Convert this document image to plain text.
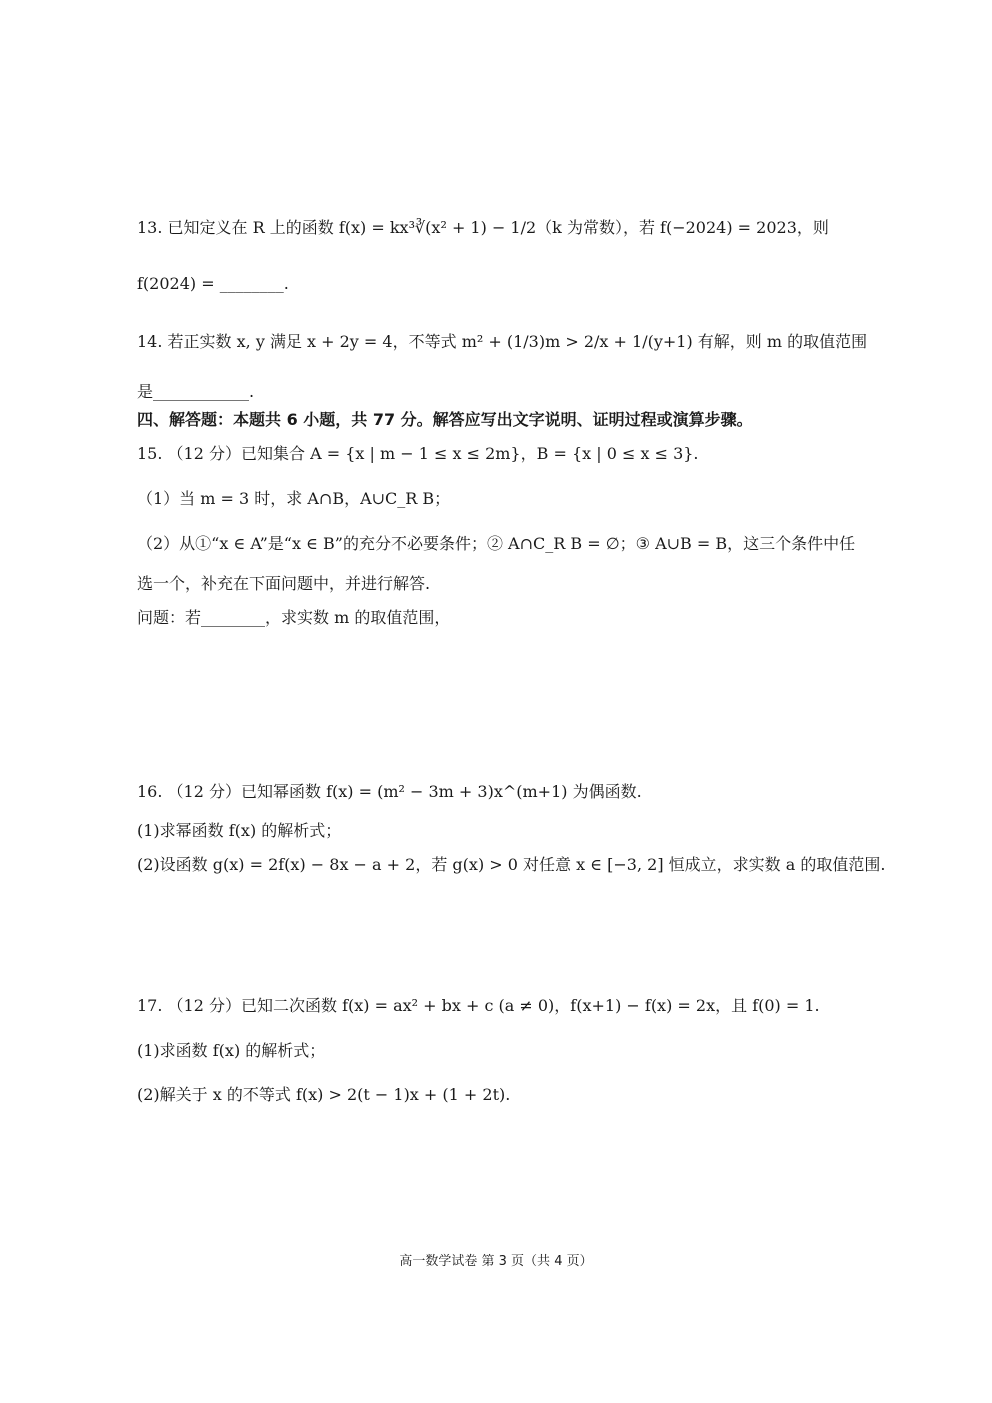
13. 已知定义在 R 上的函数 f(x) = kx³∛(x² + 1) − 1/2（k 为常数），若 f(−2024) = 2023，则
f(2024) = ________.
14. 若正实数 x, y 满足 x + 2y = 4，不等式 m² + (1/3)m > 2/x + 1/(y+1) 有解，则 m 的取值范围
是____________.
四、解答题：本题共 6 小题，共 77 分。解答应写出文字说明、证明过程或演算步骤。
15. （12 分）已知集合 A = {x | m − 1 ≤ x ≤ 2m}，B = {x | 0 ≤ x ≤ 3}.
（1）当 m = 3 时，求 A∩B，A∪C_R B；
（2）从①“x ∈ A”是“x ∈ B”的充分不必要条件；② A∩C_R B = ∅；③ A∪B = B，这三个条件中任
选一个，补充在下面问题中，并进行解答.
问题：若________，求实数 m 的取值范围，
16. （12 分）已知幂函数 f(x) = (m² − 3m + 3)x^(m+1) 为偶函数.
(1)求幂函数 f(x) 的解析式；
(2)设函数 g(x) = 2f(x) − 8x − a + 2，若 g(x) > 0 对任意 x ∈ [−3, 2] 恒成立，求实数 a 的取值范围.
17. （12 分）已知二次函数 f(x) = ax² + bx + c (a ≠ 0)，f(x+1) − f(x) = 2x，且 f(0) = 1.
(1)求函数 f(x) 的解析式；
(2)解关于 x 的不等式 f(x) > 2(t − 1)x + (1 + 2t).
高一数学试卷 第 3 页（共 4 页）
